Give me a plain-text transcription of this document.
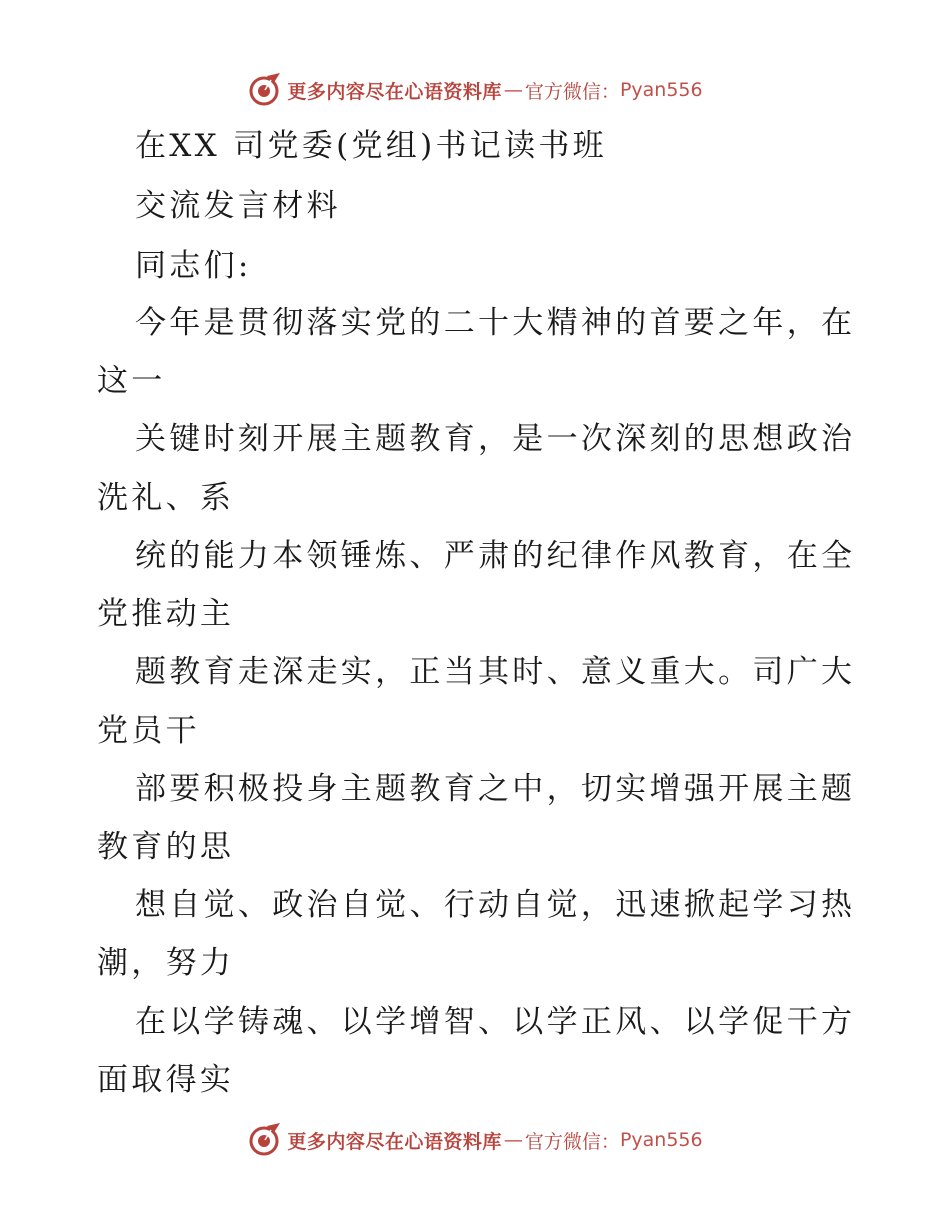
更多内容尽在心语资料库 — 官方微信： Pyan556
在XX 司党委(党组)书记读书班
交流发言材料
同志们:
今年是贯彻落实党的二十大精神的首要之年，在
这一
关键时刻开展主题教育，是一次深刻的思想政治
洗礼、系
统的能力本领锤炼、严肃的纪律作风教育，在全
党推动主
题教育走深走实，正当其时、意义重大。司广大
党员干
部要积极投身主题教育之中，切实增强开展主题
教育的思
想自觉、政治自觉、行动自觉，迅速掀起学习热
潮，努力
在以学铸魂、以学增智、以学正风、以学促干方
面取得实
更多内容尽在心语资料库 — 官方微信： Pyan556
